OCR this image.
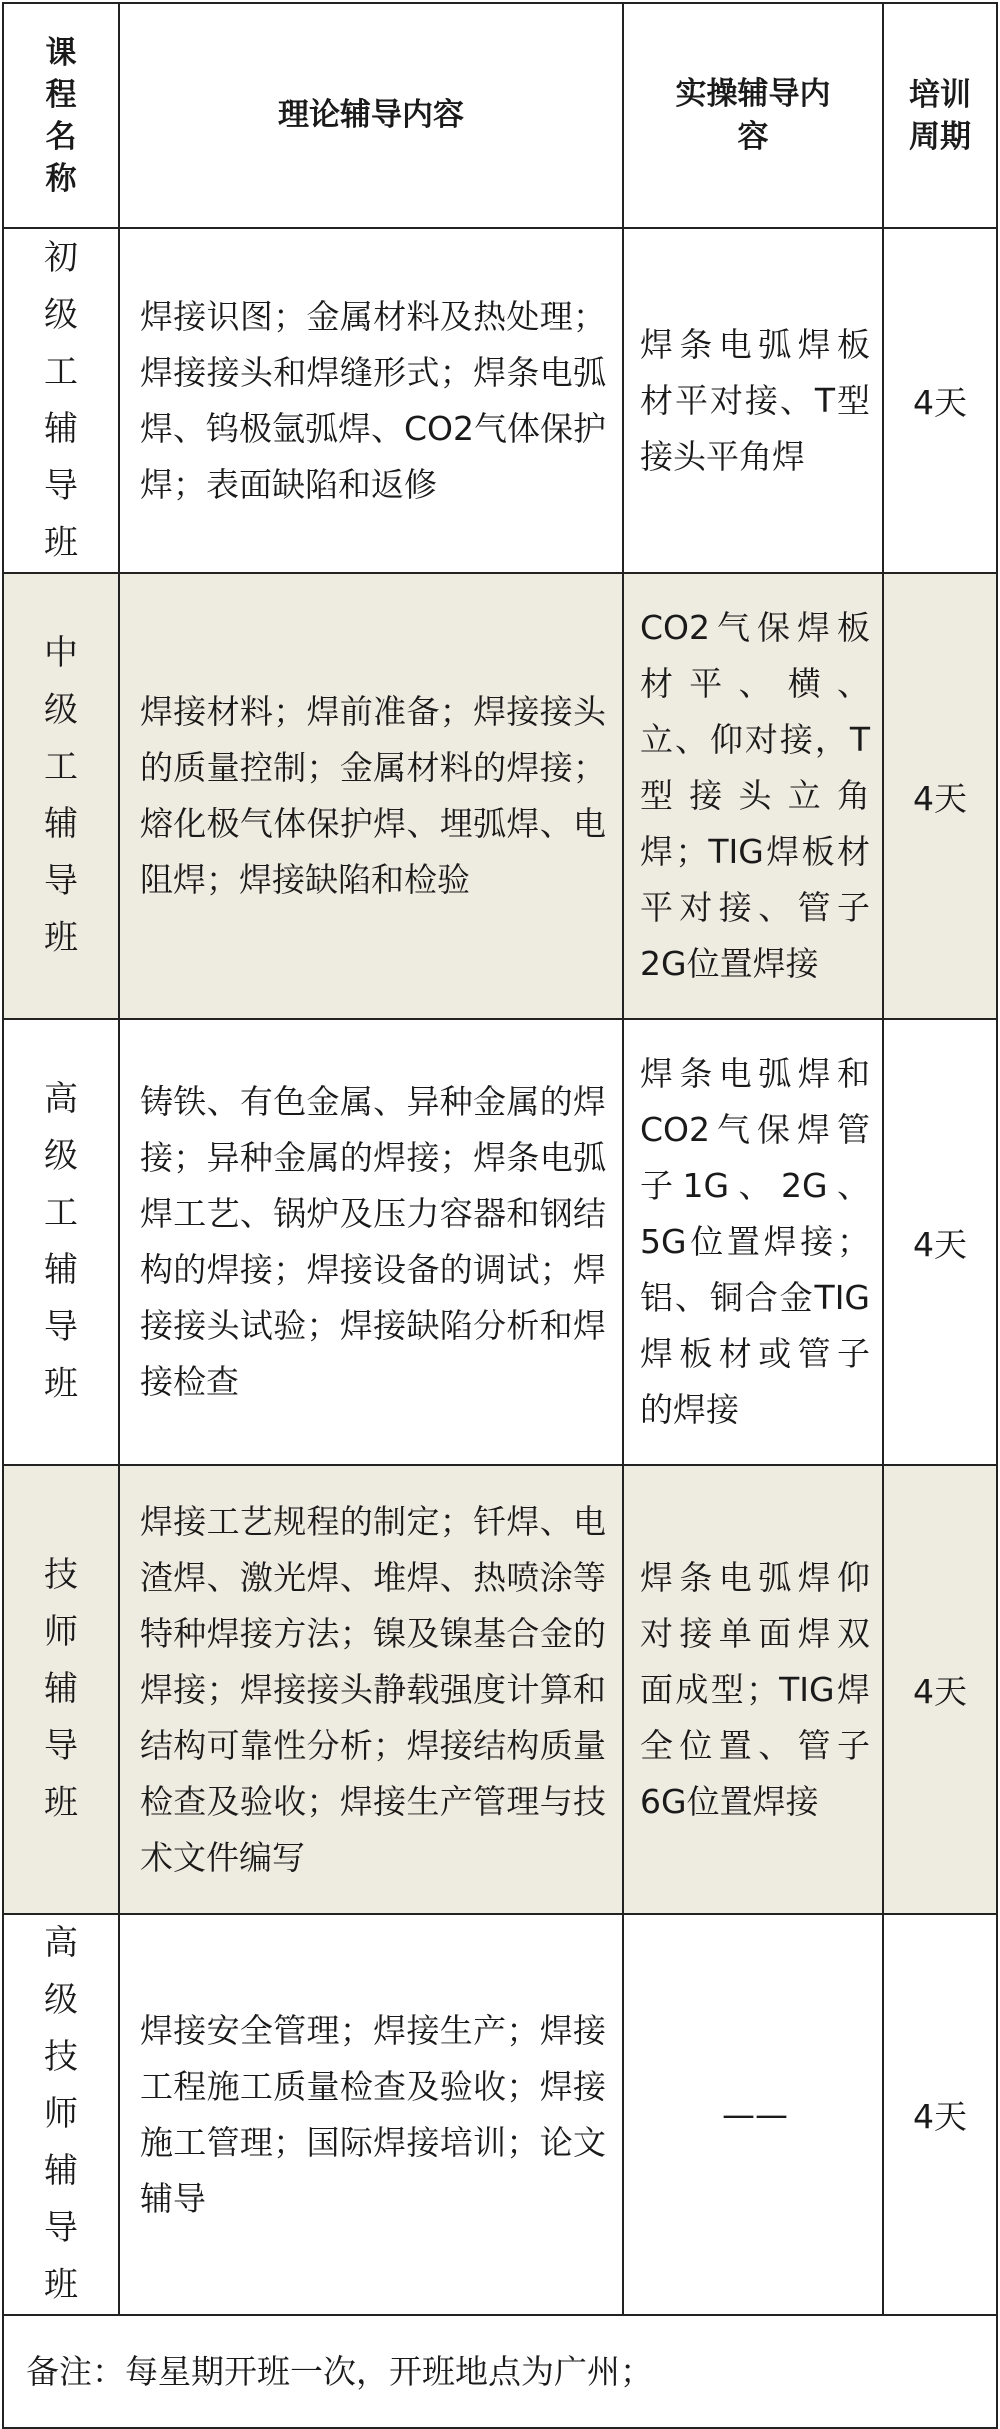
课程名称	理论辅导内容	实操辅导内容	培训周期

初级工辅导班	焊接识图；金属材料及热处理；焊接接头和焊缝形式；焊条电弧焊、钨极氩弧焊、CO2气体保护焊；表面缺陷和返修	焊条电弧焊板材平对接、T型接头平角焊	4天

中级工辅导班	焊接材料；焊前准备；焊接接头的质量控制；金属材料的焊接；熔化极气体保护焊、埋弧焊、电阻焊；焊接缺陷和检验	CO2气保焊板材平、横、立、仰对接，T型接头立角焊；TIG焊板材平对接、管子2G位置焊接	4天

高级工辅导班	铸铁、有色金属、异种金属的焊接；异种金属的焊接；焊条电弧焊工艺、锅炉及压力容器和钢结构的焊接；焊接设备的调试；焊接接头试验；焊接缺陷分析和焊接检查	焊条电弧焊和CO2气保焊管子1G、2G、5G位置焊接；铝、铜合金TIG焊板材或管子的焊接	4天

技师辅导班	焊接工艺规程的制定；钎焊、电渣焊、激光焊、堆焊、热喷涂等特种焊接方法；镍及镍基合金的焊接；焊接接头静载强度计算和结构可靠性分析；焊接结构质量检查及验收；焊接生产管理与技术文件编写	焊条电弧焊仰对接单面焊双面成型；TIG焊全位置、管子6G位置焊接	4天

高级技师辅导班	焊接安全管理；焊接生产；焊接工程施工质量检查及验收；焊接施工管理；国际焊接培训；论文辅导	——	4天
备注：每星期开班一次，开班地点为广州；			
